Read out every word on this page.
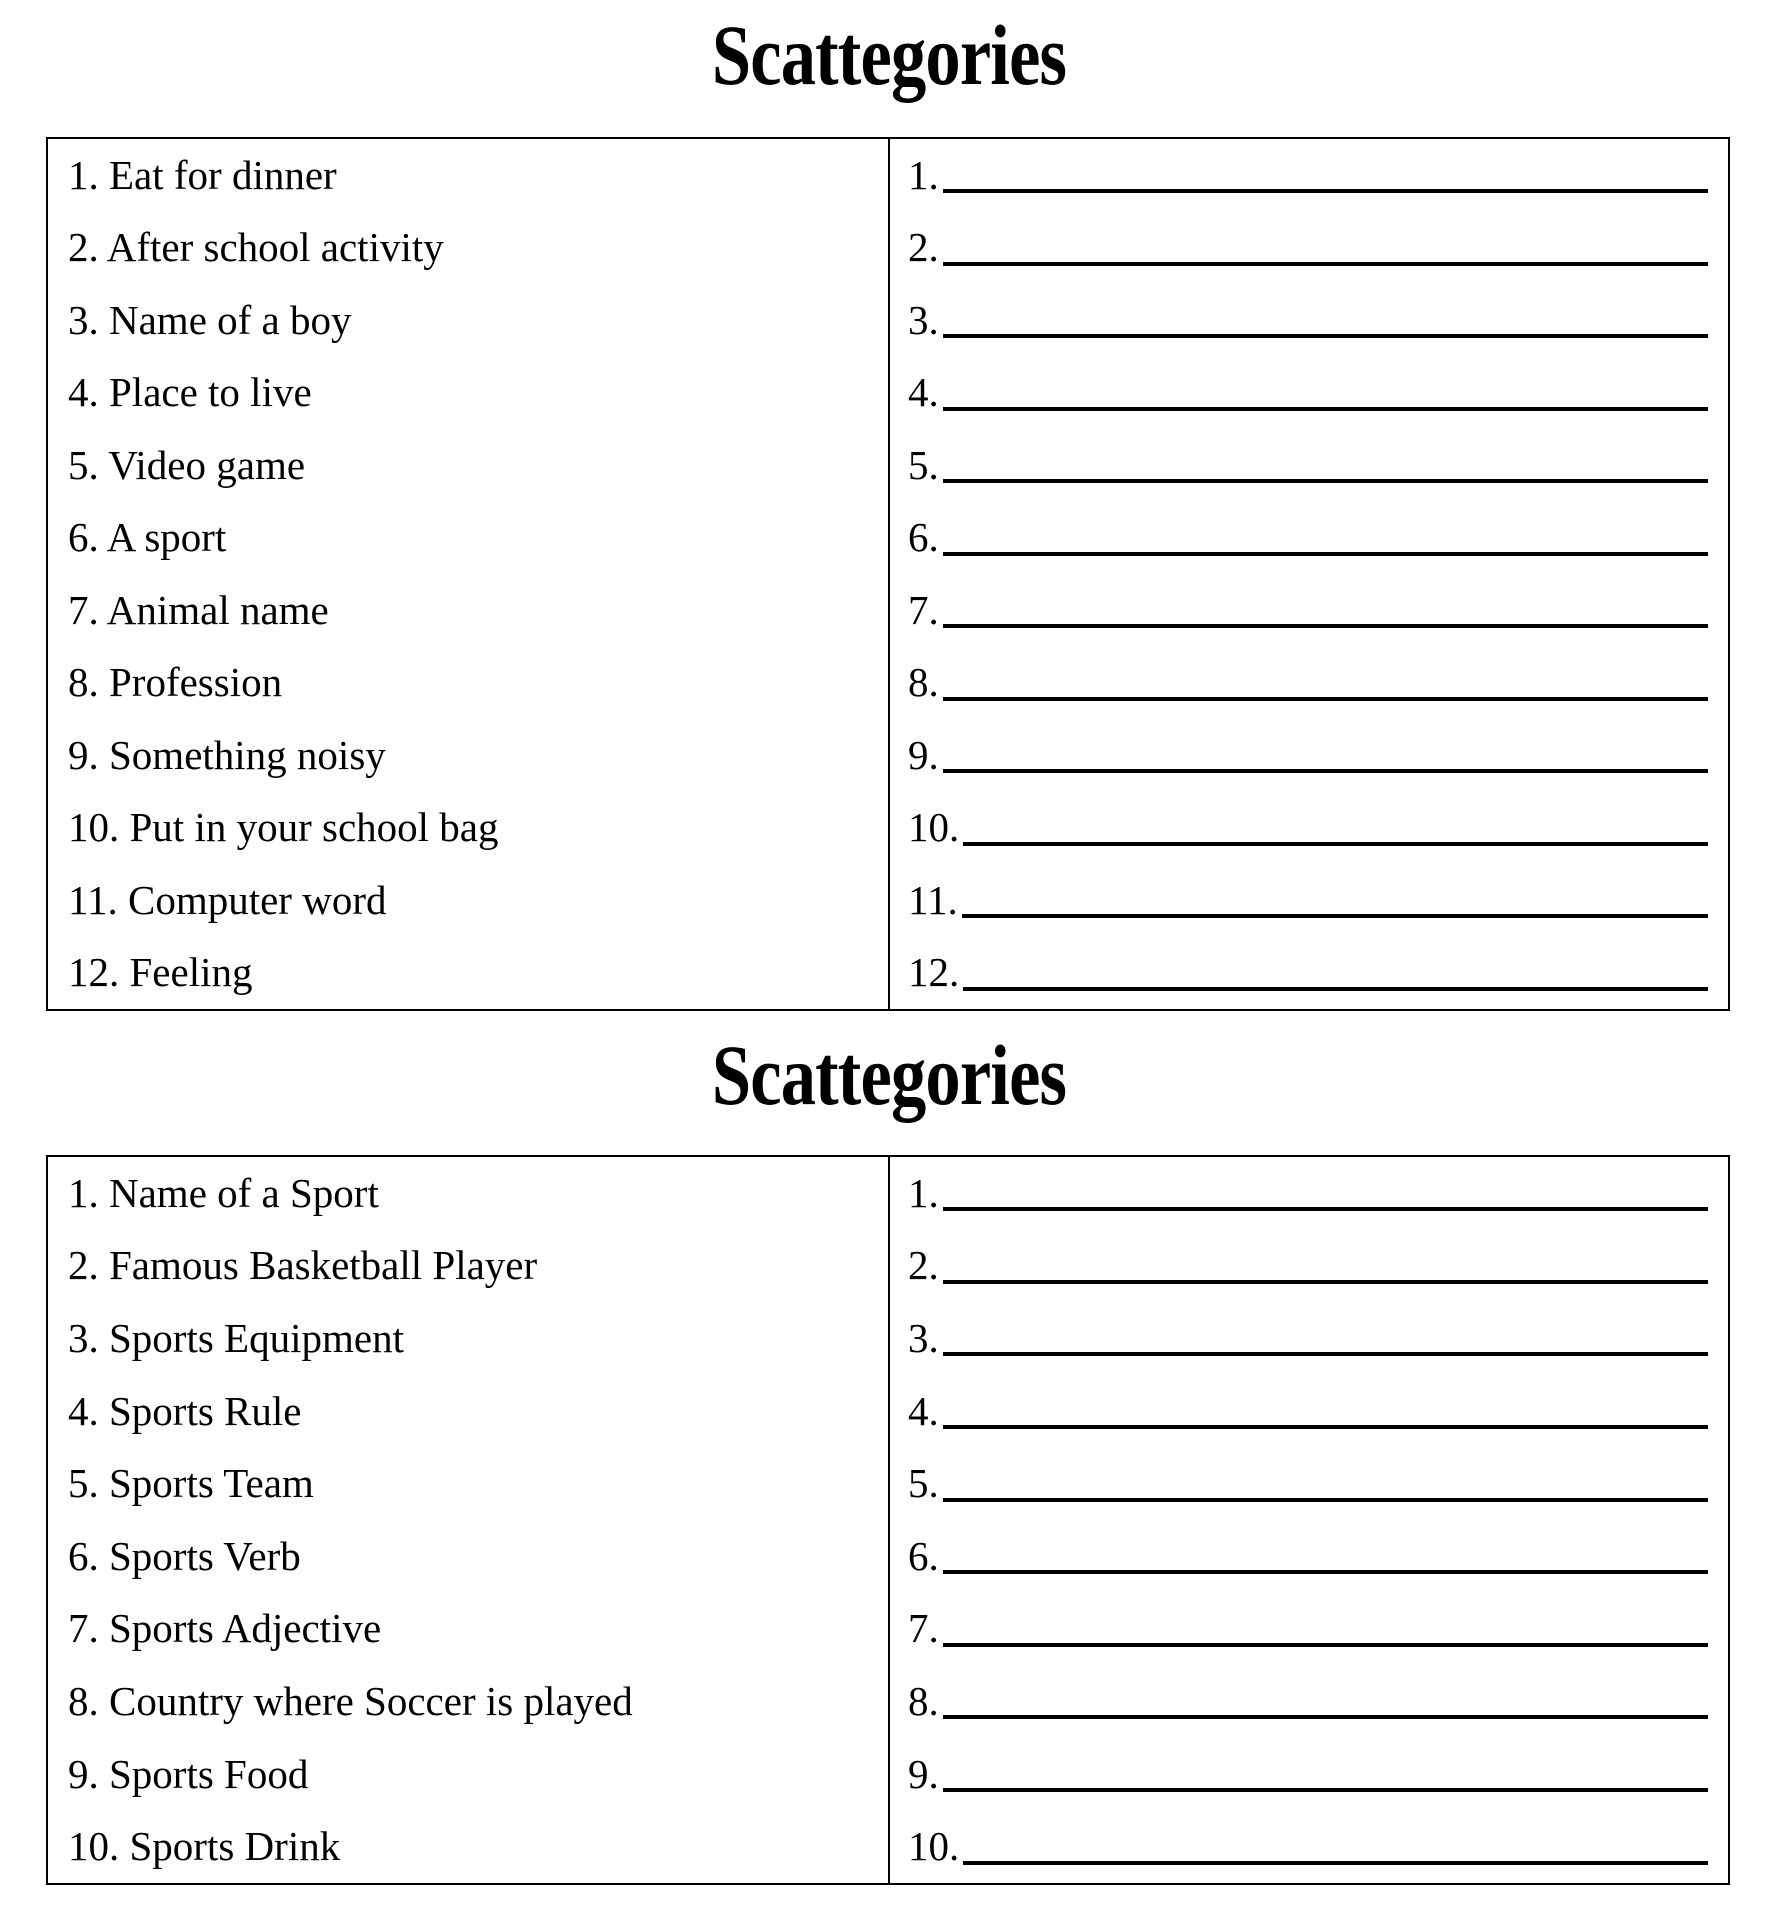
Scattegories
1. Eat for dinner	1.
2. After school activity	2.
3. Name of a boy	3.
4. Place to live	4.
5. Video game	5.
6. A sport	6.
7. Animal name	7.
8. Profession	8.
9. Something noisy	9.
10. Put in your school bag	10.
11. Computer word	11.
12. Feeling	12.
Scattegories
1. Name of a Sport	1.
2. Famous Basketball Player	2.
3. Sports Equipment	3.
4. Sports Rule	4.
5. Sports Team	5.
6. Sports Verb	6.
7. Sports Adjective	7.
8. Country where Soccer is played	8.
9. Sports Food	9.
10. Sports Drink	10.
